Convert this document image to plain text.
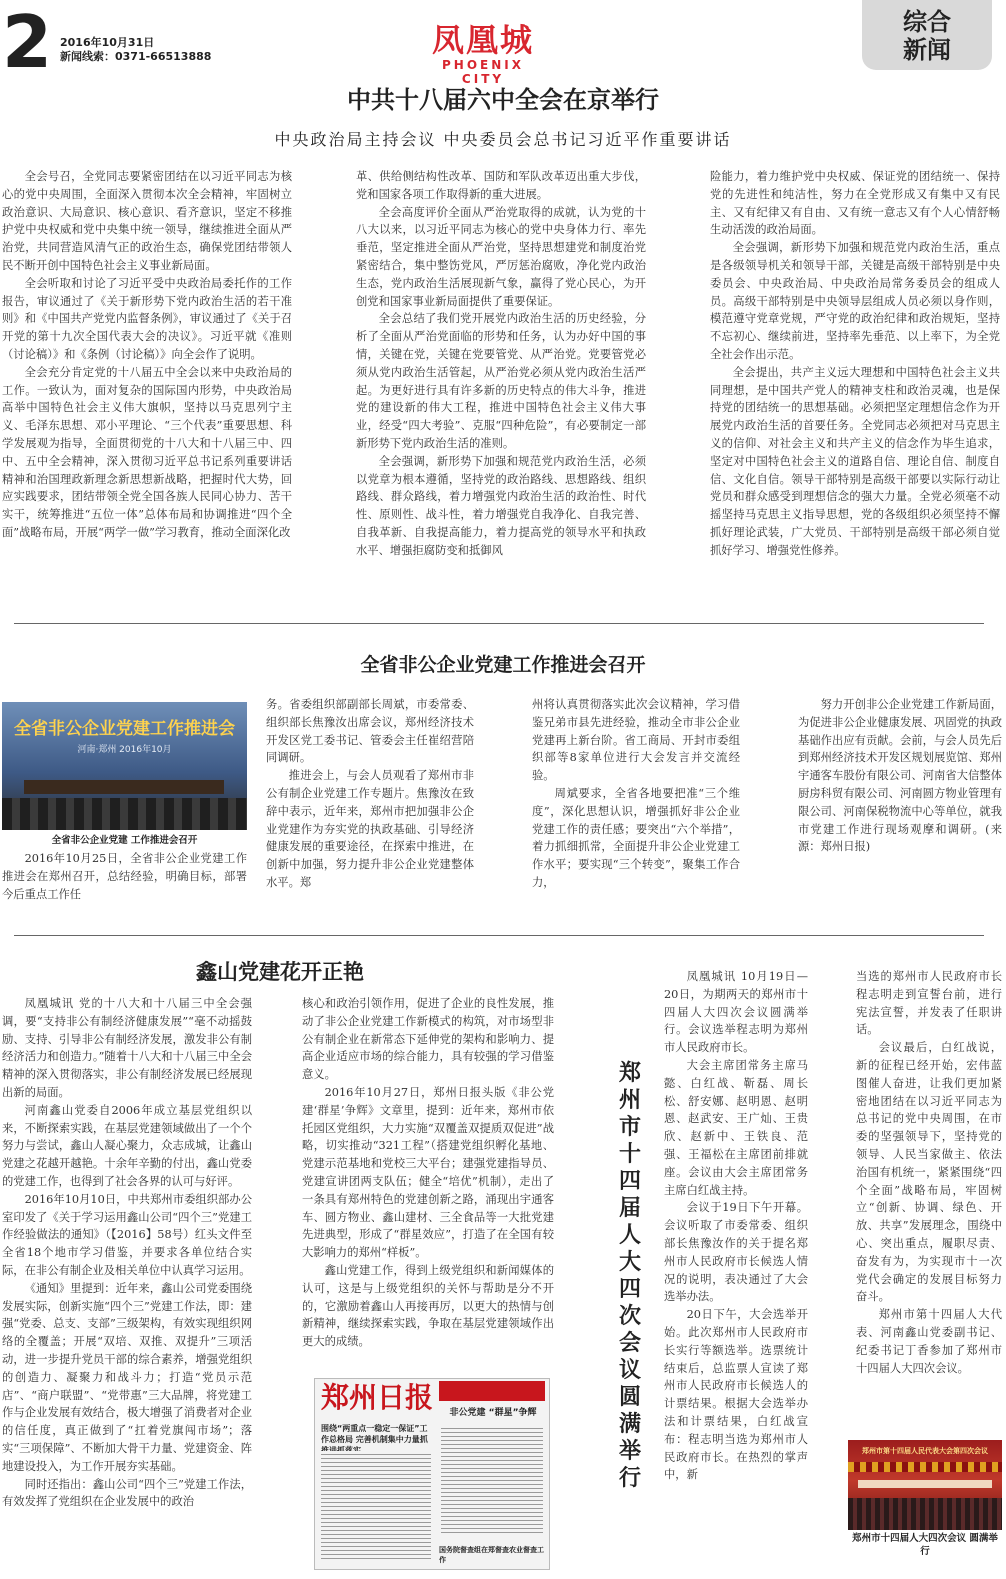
2 2016年10月31日
新闻线索：0371-66513888	凤凰城
PHOENIX CITY
综合
新闻
中共十八届六中全会在京举行
中央政治局主持会议 中央委员会总书记习近平作重要讲话

全会号召，全党同志要紧密团结在以习近平同志为核心的党中央周围，全面深入贯彻本次全会精神，牢固树立政治意识、大局意识、核心意识、看齐意识，坚定不移推护党中央权威和党中央集中统一领导，继续推进全面从严治党，共同营造风清气正的政治生态，确保党团结带领人民不断开创中国特色社会主义事业新局面。

全会听取和讨论了习近平受中央政治局委托作的工作报告，审议通过了《关于新形势下党内政治生活的若干准则》和《中国共产党党内监督条例》，审议通过了《关于召开党的第十九次全国代表大会的决议》。习近平就《准则（讨论稿）》和《条例（讨论稿）》向全会作了说明。

全会充分肯定党的十八届五中全会以来中央政治局的工作。一致认为，面对复杂的国际国内形势，中央政治局高举中国特色社会主义伟大旗帜，坚持以马克思列宁主义、毛泽东思想、邓小平理论、“三个代表”重要思想、科学发展观为指导，全面贯彻党的十八大和十八届三中、四中、五中全会精神，深入贯彻习近平总书记系列重要讲话精神和治国理政新理念新思想新战略，把握时代大势，回应实践要求，团结带领全党全国各族人民同心协力、苦干实干，统筹推进“五位一体”总体布局和协调推进“四个全面”战略布局，开展“两学一做”学习教育，推动全面深化改

革、供给侧结构性改革、国防和军队改革迈出重大步伐，党和国家各项工作取得新的重大进展。

全会高度评价全面从严治党取得的成就，认为党的十八大以来，以习近平同志为核心的党中央身体力行、率先垂范，坚定推进全面从严治党，坚持思想建党和制度治党紧密结合，集中整饬党风，严厉惩治腐败，净化党内政治生态，党内政治生活展现新气象，赢得了党心民心，为开创党和国家事业新局面提供了重要保证。

全会总结了我们党开展党内政治生活的历史经验，分析了全面从严治党面临的形势和任务，认为办好中国的事情，关键在党，关键在党要管党、从严治党。党要管党必须从党内政治生活管起，从严治党必须从党内政治生活严起。为更好进行具有许多新的历史特点的伟大斗争，推进党的建设新的伟大工程，推进中国特色社会主义伟大事业，经受“四大考验”、克服“四种危险”，有必要制定一部新形势下党内政治生活的准则。

全会强调，新形势下加强和规范党内政治生活，必须以党章为根本遵循，坚持党的政治路线、思想路线、组织路线、群众路线，着力增强党内政治生活的政治性、时代性、原则性、战斗性，着力增强党自我净化、自我完善、自我革新、自我提高能力，着力提高党的领导水平和执政水平、增强拒腐防变和抵御风

险能力，着力维护党中央权威、保证党的团结统一、保持党的先进性和纯洁性，努力在全党形成又有集中又有民主、又有纪律又有自由、又有统一意志又有个人心情舒畅生动活泼的政治局面。

全会强调，新形势下加强和规范党内政治生活，重点是各级领导机关和领导干部，关键是高级干部特别是中央委员会、中央政治局、中央政治局常务委员会的组成人员。高级干部特别是中央领导层组成人员必须以身作则，模范遵守党章党规，严守党的政治纪律和政治规矩，坚持不忘初心、继续前进，坚持率先垂范、以上率下，为全党全社会作出示范。

全会提出，共产主义远大理想和中国特色社会主义共同理想，是中国共产党人的精神支柱和政治灵魂，也是保持党的团结统一的思想基础。必须把坚定理想信念作为开展党内政治生活的首要任务。全党同志必须把对马克思主义的信仰、对社会主义和共产主义的信念作为毕生追求，坚定对中国特色社会主义的道路自信、理论自信、制度自信、文化自信。领导干部特别是高级干部要以实际行动让党员和群众感受到理想信念的强大力量。全党必须毫不动摇坚持马克思主义指导思想，党的各级组织必须坚持不懈抓好理论武装，广大党员、干部特别是高级干部必须自觉抓好学习、增强党性修养。

全省非公企业党建工作推进会召开
全省非公企业党建工作推进会
河南·郑州 2016年10月
全省非公企业党建 工作推进会召开

2016年10月25日，全省非公企业党建工作推进会在郑州召开，总结经验，明确目标，部署今后重点工作任

务。省委组织部副部长周斌，市委常委、组织部长焦豫汝出席会议，郑州经济技术开发区党工委书记、管委会主任崔绍营陪同调研。

推进会上，与会人员观看了郑州市非公有制企业党建工作专题片。焦豫汝在致辞中表示，近年来，郑州市把加强非公企业党建作为夯实党的执政基础、引导经济健康发展的重要途径，在探索中推进，在创新中加强，努力提升非公企业党建整体水平。郑

州将认真贯彻落实此次会议精神，学习借鉴兄弟市县先进经验，推动全市非公企业党建再上新台阶。省工商局、开封市委组织部等8家单位进行大会发言并交流经验。

周斌要求，全省各地要把准“三个维度”，深化思想认识，增强抓好非公企业党建工作的责任感；要突出“六个举措”，着力抓细抓常，全面提升非公企业党建工作水平；要实现“三个转变”，聚集工作合力，

努力开创非公企业党建工作新局面，为促进非公企业健康发展、巩固党的执政基础作出应有贡献。会前，与会人员先后到郑州经济技术开发区规划展览馆、郑州宇通客车股份有限公司、河南省大信整体厨房科贸有限公司、河南圆方物业管理有限公司、河南保税物流中心等单位，就我市党建工作进行现场观摩和调研。(来源：郑州日报)

鑫山党建花开正艳

凤凰城讯 党的十八大和十八届三中全会强调，要“支持非公有制经济健康发展”“毫不动摇鼓励、支持、引导非公有制经济发展，激发非公有制经济活力和创造力。”随着十八大和十八届三中全会精神的深入贯彻落实，非公有制经济发展已经展现出新的局面。

河南鑫山党委自2006年成立基层党组织以来，不断探索实践，在基层党建领域做出了一个个努力与尝试，鑫山人凝心聚力，众志成城，让鑫山党建之花越开越艳。十余年辛勤的付出，鑫山党委的党建工作，也得到了社会各界的认可与好评。

2016年10月10日，中共郑州市委组织部办公室印发了《关于学习运用鑫山公司“四个三”党建工作经验做法的通知》（【2016】58号）红头文件至全省18个地市学习借鉴，并要求各单位结合实际，在非公有制企业及相关单位中认真学习运用。

《通知》里提到：近年来，鑫山公司党委围绕发展实际，创新实施“四个三”党建工作法，即：建强“党委、总支、支部”三级架构，有效实现组织网络的全覆盖；开展“双培、双推、双提升”三项活动，进一步提升党员干部的综合素养，增强党组织的创造力、凝聚力和战斗力；打造“党员示范店”、“商户联盟”、“党带惠”三大品牌，将党建工作与企业发展有效结合，极大增强了消费者对企业的信任度，真正做到了“扛着党旗闯市场”；落实“三项保障”、不断加大骨干力量、党建资金、阵地建设投入，为工作开展夯实基础。

同时还指出：鑫山公司“四个三”党建工作法，有效发挥了党组织在企业发展中的政治

核心和政治引领作用，促进了企业的良性发展，推动了非公企业党建工作新模式的构筑，对市场型非公有制企业在新常态下延伸党的架构和影响力、提高企业适应市场的综合能力，具有较强的学习借鉴意义。

2016年10月27日，郑州日报头版《非公党建‘群星’争辉》文章里，提到：近年来，郑州市依托园区党组织，大力实施“双覆盖双提质双促进”战略，切实推动“321工程”（搭建党组织孵化基地、党建示范基地和党校三大平台；建强党建指导员、党建宣讲团两支队伍；健全“培优”机制），走出了一条具有郑州特色的党建创新之路，涌现出宇通客车、圆方物业、鑫山建材、三全食品等一大批党建先进典型，形成了“群星效应”，打造了在全国有较大影响力的郑州“样板”。

鑫山党建工作，得到上级党组织和新闻媒体的认可，这是与上级党组织的关怀与帮助是分不开的，它激励着鑫山人再接再厉，以更大的热情与创新精神，继续探索实践，争取在基层党建领域作出更大的成绩。

郑州日报
围绕“两重点一稳定一保证”工作总格局 完善机制集中力量抓
非公党建 “群星”争辉
国务院督查组在郑督查农业督查工作
郑州市十四届人大四次会议圆满举行

凤凰城讯 10月19日—20日，为期两天的郑州市十四届人大四次会议圆满举行。会议选举程志明为郑州市人民政府市长。

大会主席团常务主席马懿、白红战、靳磊、周长松、舒安娜、赵明恩、赵明恩、赵武安、王广灿、王贵欣、赵新中、王铁良、范强、王福松在主席团前排就座。会议由大会主席团常务主席白红战主持。

会议于19日下午开幕。会议听取了市委常委、组织部长焦豫汝作的关于提名郑州市人民政府市长候选人情况的说明，表决通过了大会选举办法。

20日下午，大会选举开始。此次郑州市人民政府市长实行等额选举。选票统计结束后，总监票人宣读了郑州市人民政府市长候选人的计票结果。根据大会选举办法和计票结果，白红战宣布：程志明当选为郑州市人民政府市长。在热烈的掌声中，新

当选的郑州市人民政府市长程志明走到宣誓台前，进行宪法宣誓，并发表了任职讲话。

会议最后，白红战说，新的征程已经开始，宏伟蓝图催人奋进，让我们更加紧密地团结在以习近平同志为总书记的党中央周围，在市委的坚强领导下，坚持党的领导、人民当家做主、依法治国有机统一，紧紧围绕“四个全面”战略布局，牢固树立“创新、协调、绿色、开放、共享”发展理念，围绕中心、突出重点，履职尽责、奋发有为，为实现市十一次党代会确定的发展目标努力奋斗。

郑州市第十四届人大代表、河南鑫山党委副书记、纪委书记丁香参加了郑州市十四届人大四次会议。

郑州市第十四届人民代表大会第四次会议
郑州市十四届人大四次会议 圆满举行
